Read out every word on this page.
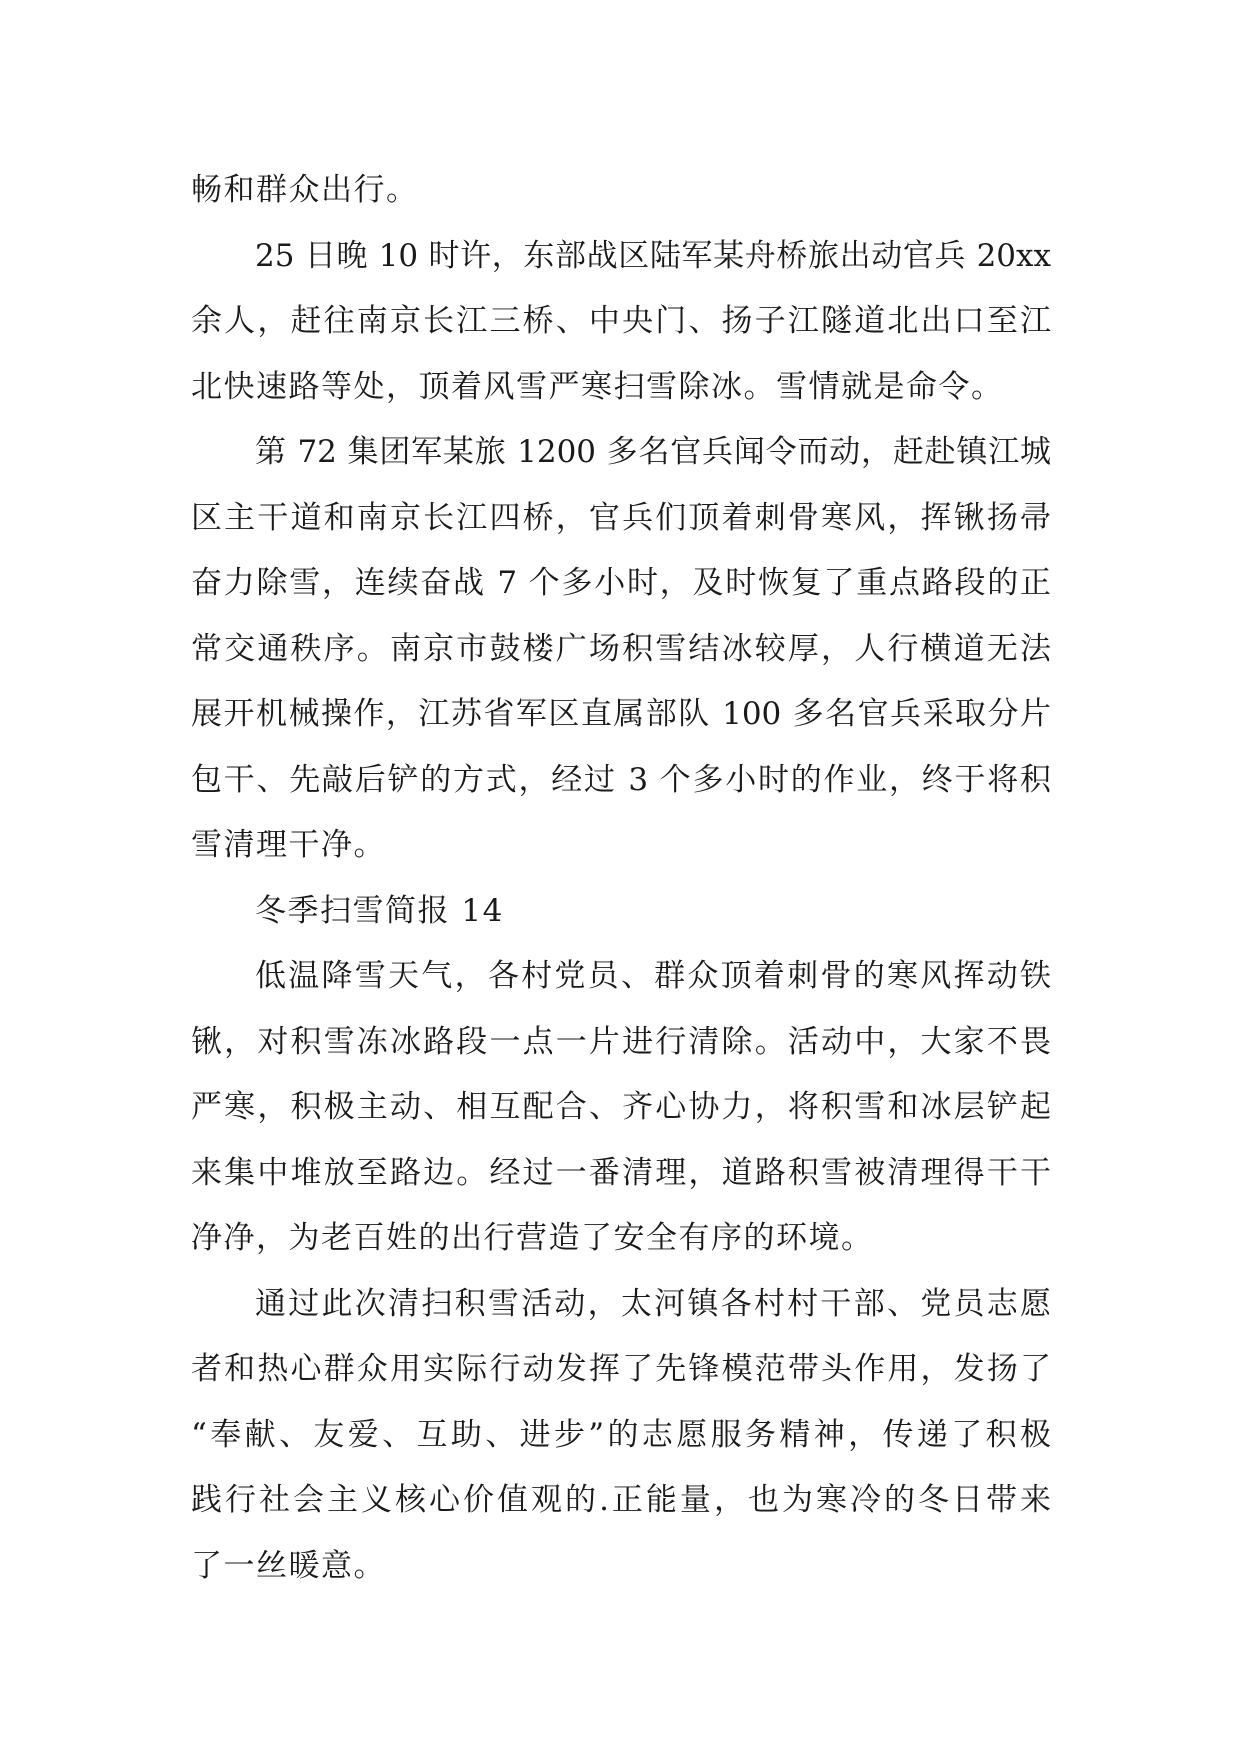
畅和群众出行。
25 日晚 10 时许，东部战区陆军某舟桥旅出动官兵 20xx
余人，赶往南京长江三桥、中央门、扬子江隧道北出口至江
北快速路等处，顶着风雪严寒扫雪除冰。雪情就是命令。
第 72 集团军某旅 1200 多名官兵闻令而动，赶赴镇江城
区主干道和南京长江四桥，官兵们顶着刺骨寒风，挥锹扬帚
奋力除雪，连续奋战 7 个多小时，及时恢复了重点路段的正
常交通秩序。南京市鼓楼广场积雪结冰较厚，人行横道无法
展开机械操作，江苏省军区直属部队 100 多名官兵采取分片
包干、先敲后铲的方式，经过 3 个多小时的作业，终于将积
雪清理干净。
冬季扫雪简报 14
低温降雪天气，各村党员、群众顶着刺骨的寒风挥动铁
锹，对积雪冻冰路段一点一片进行清除。活动中，大家不畏
严寒，积极主动、相互配合、齐心协力，将积雪和冰层铲起
来集中堆放至路边。经过一番清理，道路积雪被清理得干干
净净，为老百姓的出行营造了安全有序的环境。
通过此次清扫积雪活动，太河镇各村村干部、党员志愿
者和热心群众用实际行动发挥了先锋模范带头作用，发扬了
“奉献、友爱、互助、进步”的志愿服务精神，传递了积极
践行社会主义核心价值观的.正能量，也为寒冷的冬日带来
了一丝暖意。
